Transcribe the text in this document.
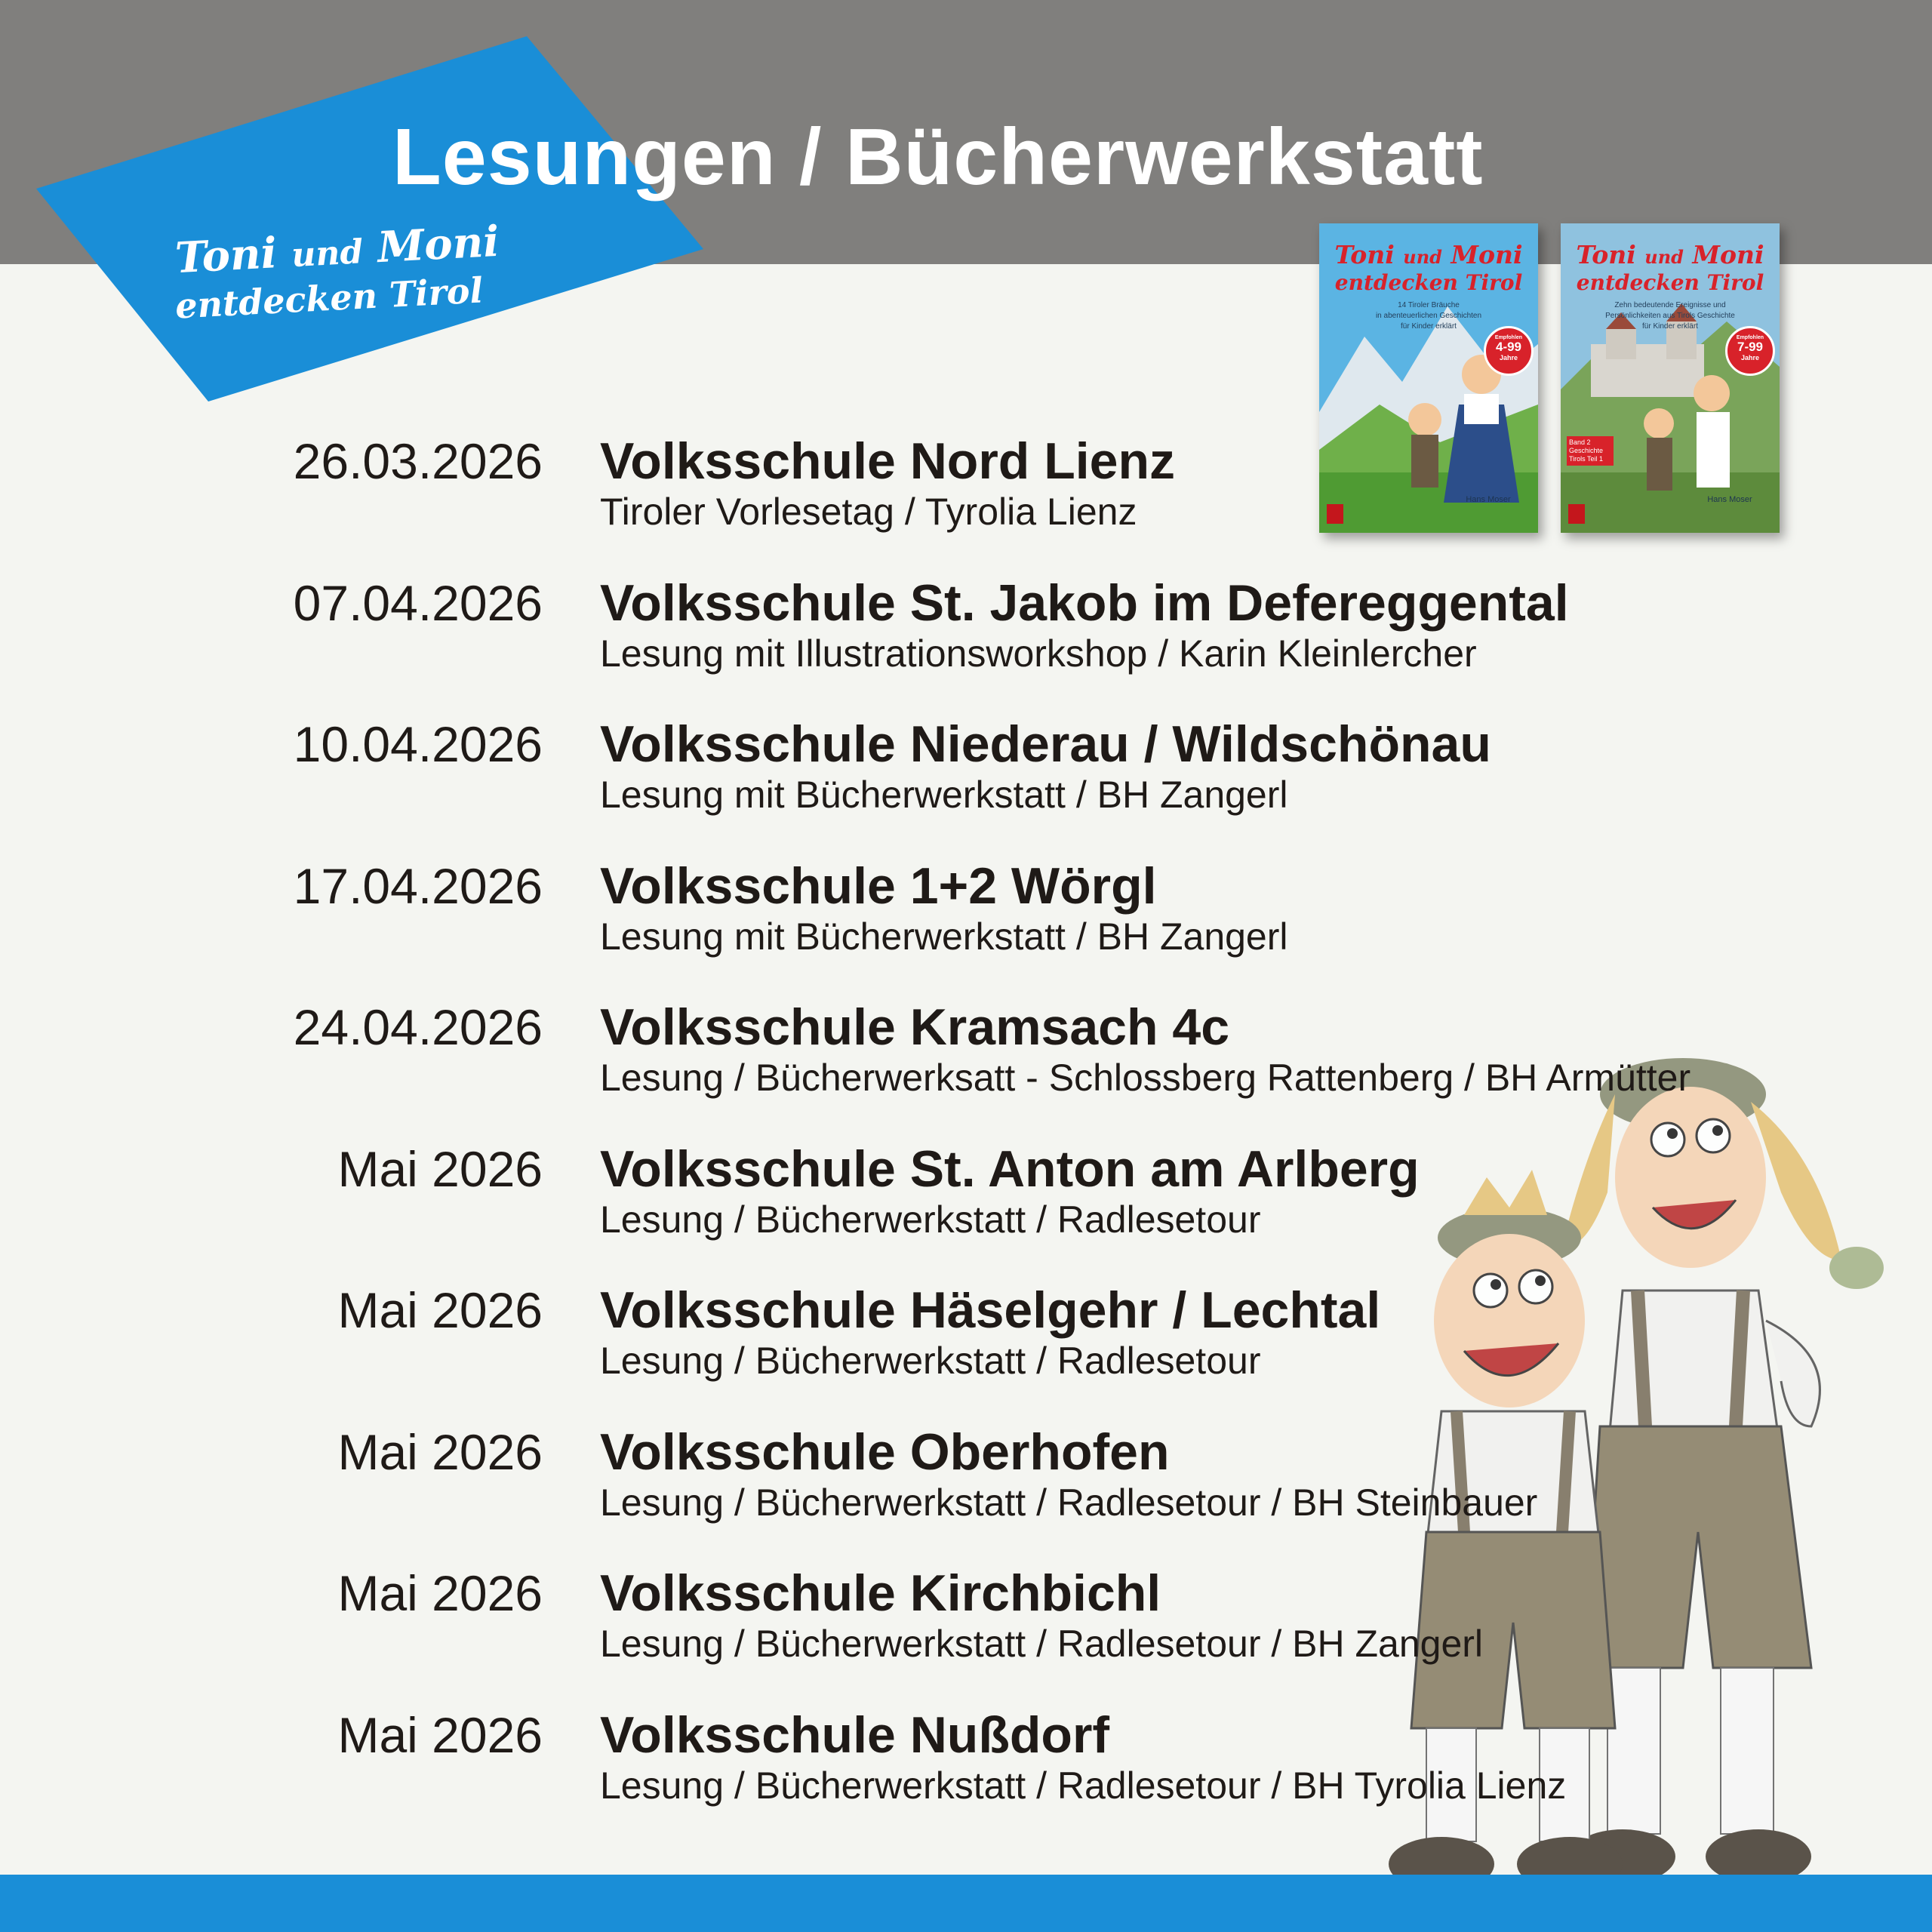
Toni und Moni
entdecken Tirol
Lesungen / Bücherwerkstatt
Toni und Moni
entdecken Tirol
14 Tiroler Bräuche
in abenteuerlichen Geschichten
für Kinder erklärt
Empfohlen
4-99
Jahre
Hans Moser
Toni und Moni
entdecken Tirol
Zehn bedeutende Ereignisse und
Persönlichkeiten aus Tirols Geschichte
für Kinder erklärt
Empfohlen
7-99
Jahre
Band 2 Geschichte Tirols Teil 1
Hans Moser
26.03.2026 Volksschule Nord Lienz
Tiroler Vorlesetag / Tyrolia Lienz
07.04.2026 Volksschule St. Jakob im Defereggental
Lesung mit Illustrationsworkshop / Karin Kleinlercher
10.04.2026 Volksschule Niederau / Wildschönau
Lesung mit Bücherwerkstatt / BH Zangerl
17.04.2026 Volksschule 1+2 Wörgl
Lesung mit Bücherwerkstatt / BH Zangerl
24.04.2026 Volksschule Kramsach 4c
Lesung / Bücherwerksatt - Schlossberg Rattenberg / BH Armütter
Mai 2026 Volksschule St. Anton am Arlberg
Lesung / Bücherwerkstatt / Radlesetour
Mai 2026 Volksschule Häselgehr / Lechtal
Lesung / Bücherwerkstatt / Radlesetour
Mai 2026 Volksschule Oberhofen
Lesung / Bücherwerkstatt / Radlesetour / BH Steinbauer
Mai 2026 Volksschule Kirchbichl
Lesung / Bücherwerkstatt / Radlesetour / BH Zangerl
Mai 2026 Volksschule Nußdorf
Lesung / Bücherwerkstatt / Radlesetour / BH Tyrolia Lienz
